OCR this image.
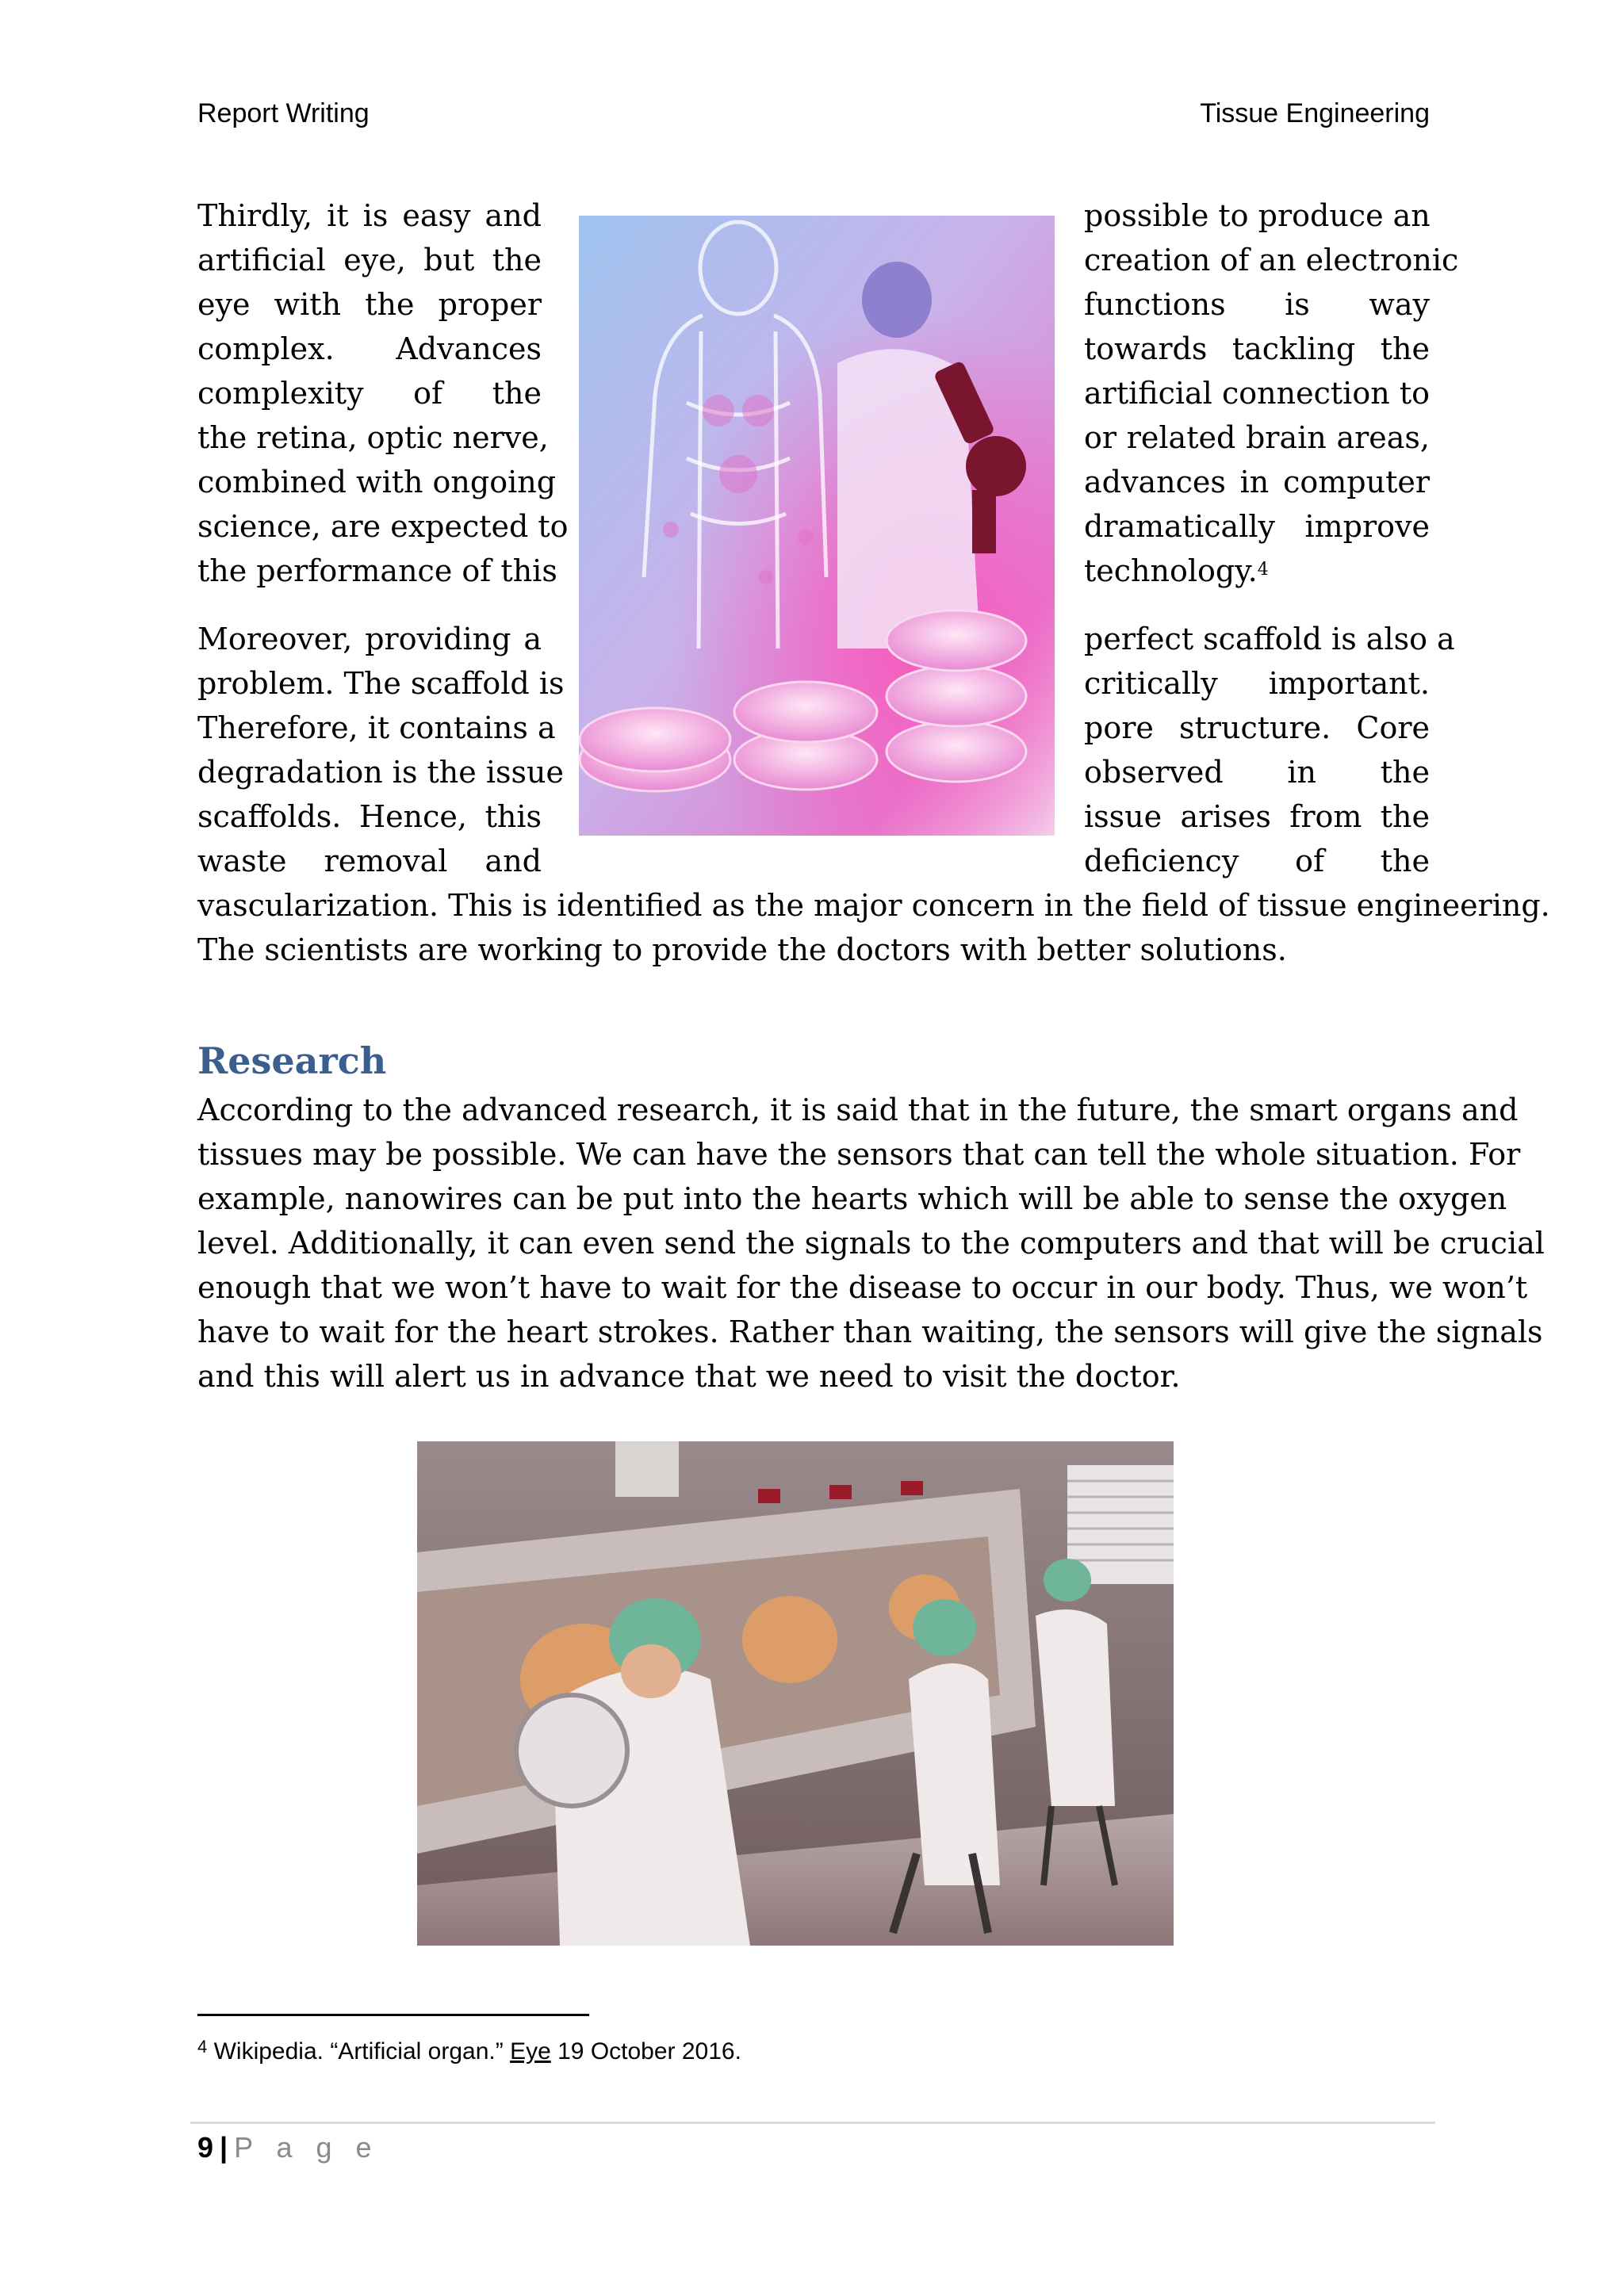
Report Writing	Tissue Engineering
Thirdly, it is easy and
artificial eye, but the
eye with the proper
complex. Advances
complexity of the
the retina, optic nerve,
combined with ongoing
science, are expected to
the performance of this
possible to produce an
creation of an electronic
functions is way
towards tackling the
artificial connection to
or related brain areas,
advances in computer
dramatically improve
technology.$^4$
Moreover, providing a
problem. The scaffold is
Therefore, it contains a
degradation is the issue
scaffolds. Hence, this
waste removal and
perfect scaffold is also a
critically important.
pore structure. Core
observed in the
issue arises from the
deficiency of the
vascularization. This is identified as the major concern in the field of tissue engineering.
The scientists are working to provide the doctors with better solutions.
Research
According to the advanced research, it is said that in the future, the smart organs and
tissues may be possible. We can have the sensors that can tell the whole situation. For
example, nanowires can be put into the hearts which will be able to sense the oxygen
level. Additionally, it can even send the signals to the computers and that will be crucial
enough that we won’t have to wait for the disease to occur in our body. Thus, we won’t
have to wait for the heart strokes. Rather than waiting, the sensors will give the signals
and this will alert us in advance that we need to visit the doctor.
$^4$ Wikipedia. “Artificial organ.” Eye 19 October 2016.
9 | P a g e
